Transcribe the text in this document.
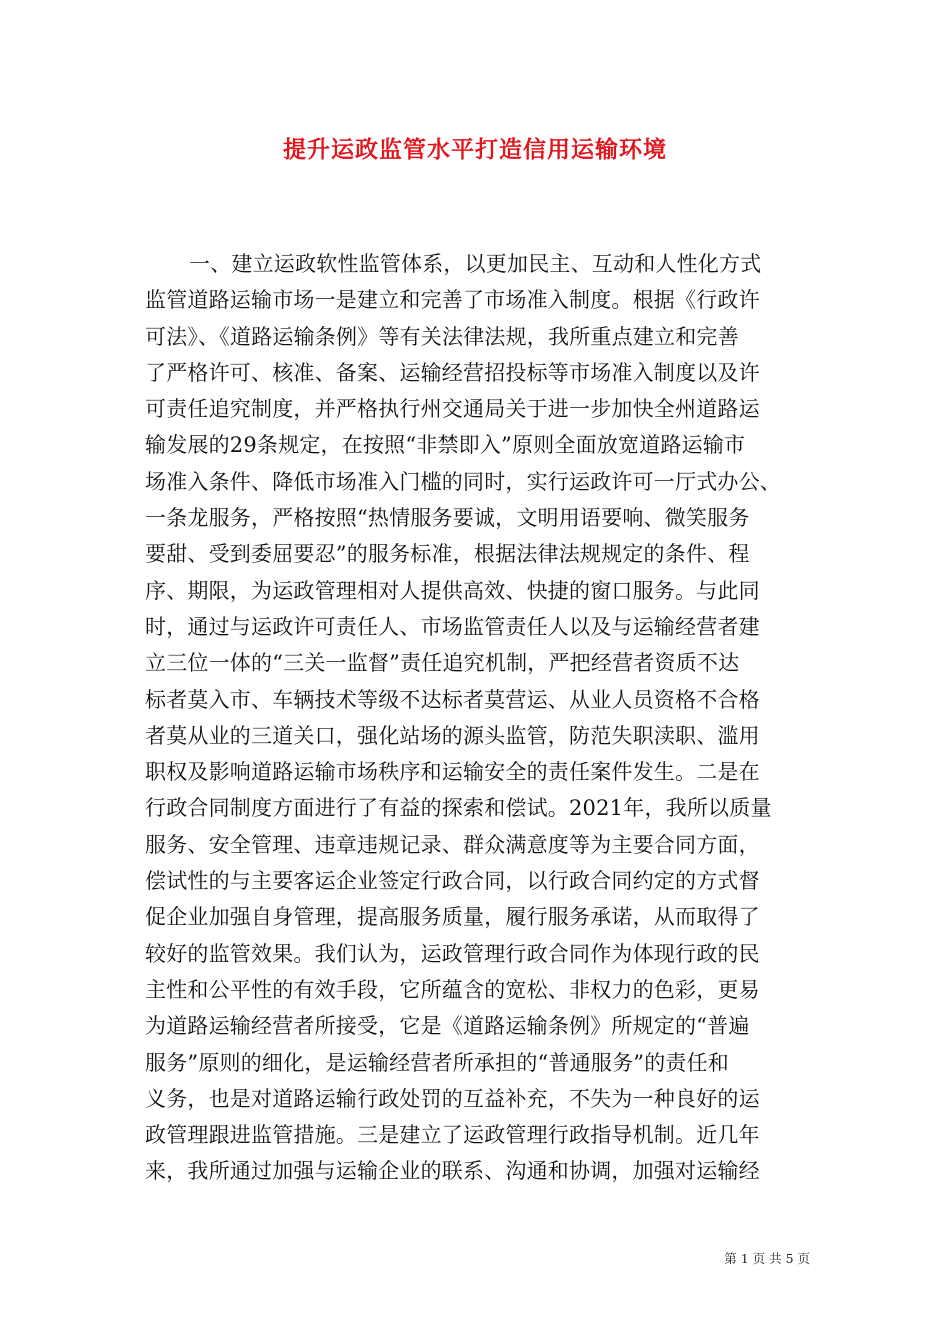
提升运政监管水平打造信用运输环境
一、建立运政软性监管体系，以更加民主、互动和人性化方式
监管道路运输市场一是建立和完善了市场准入制度。根据《行政许
可法》、《道路运输条例》等有关法律法规，我所重点建立和完善
了严格许可、核准、备案、运输经营招投标等市场准入制度以及许
可责任追究制度，并严格执行州交通局关于进一步加快全州道路运
输发展的29条规定，在按照“非禁即入”原则全面放宽道路运输市
场准入条件、降低市场准入门槛的同时，实行运政许可一厅式办公、
一条龙服务，严格按照“热情服务要诚，文明用语要响、微笑服务
要甜、受到委屈要忍”的服务标准，根据法律法规规定的条件、程
序、期限，为运政管理相对人提供高效、快捷的窗口服务。与此同
时，通过与运政许可责任人、市场监管责任人以及与运输经营者建
立三位一体的“三关一监督”责任追究机制，严把经营者资质不达
标者莫入市、车辆技术等级不达标者莫营运、从业人员资格不合格
者莫从业的三道关口，强化站场的源头监管，防范失职渎职、滥用
职权及影响道路运输市场秩序和运输安全的责任案件发生。二是在
行政合同制度方面进行了有益的探索和偿试。2021年，我所以质量
服务、安全管理、违章违规记录、群众满意度等为主要合同方面，
偿试性的与主要客运企业签定行政合同，以行政合同约定的方式督
促企业加强自身管理，提高服务质量，履行服务承诺，从而取得了
较好的监管效果。我们认为，运政管理行政合同作为体现行政的民
主性和公平性的有效手段，它所蕴含的宽松、非权力的色彩，更易
为道路运输经营者所接受，它是《道路运输条例》所规定的“普遍
服务”原则的细化，是运输经营者所承担的“普通服务”的责任和
义务，也是对道路运输行政处罚的互益补充，不失为一种良好的运
政管理跟进监管措施。三是建立了运政管理行政指导机制。近几年
来，我所通过加强与运输企业的联系、沟通和协调，加强对运输经
第 1 页 共 5 页
